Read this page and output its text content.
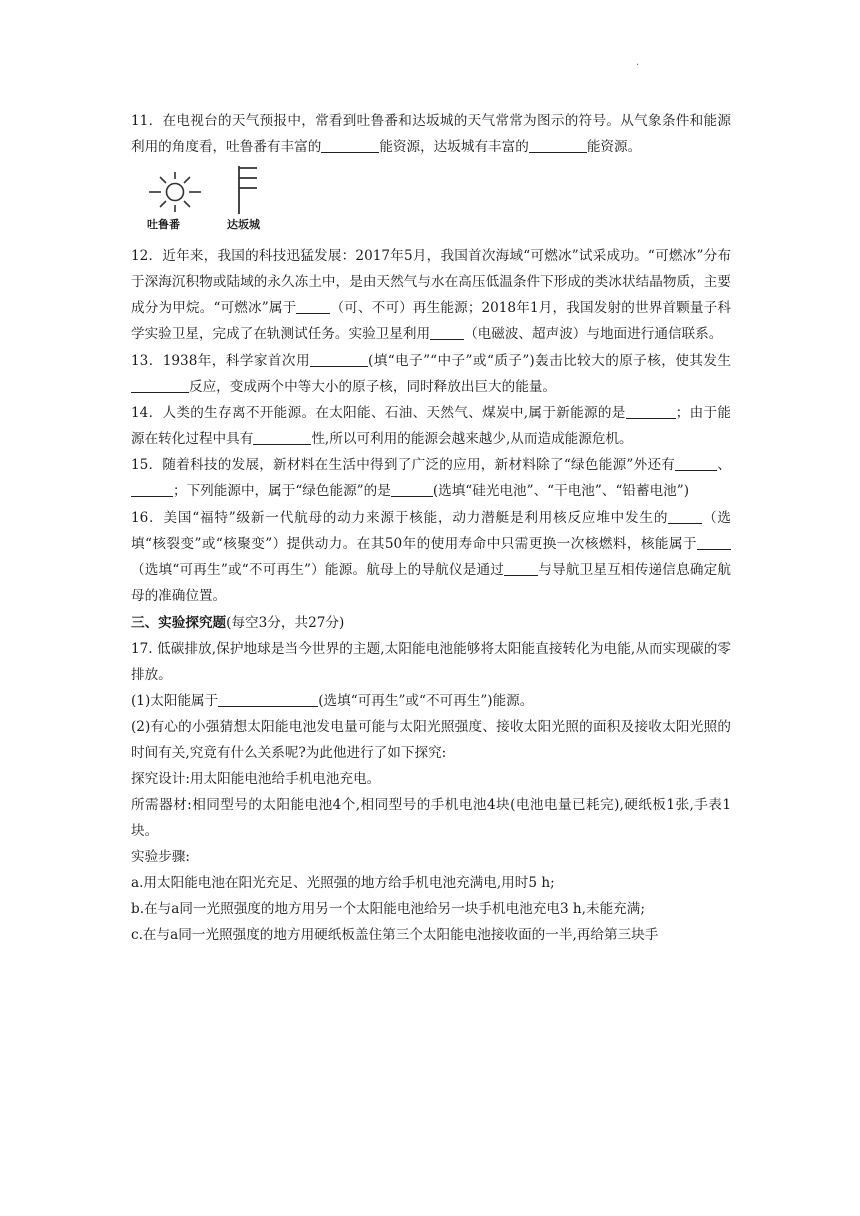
·

11．在电视台的天气预报中，常看到吐鲁番和达坂城的天气常常为图示的符号。从气象条件和能源利用的角度看，吐鲁番有丰富的	能资源，达坂城有丰富的	能资源。

吐鲁番	达坂城

12．近年来，我国的科技迅猛发展：2017年5月，我国首次海域“可燃冰”试采成功。“可燃冰”分布于深海沉积物或陆域的永久冻土中，是由天然气与水在高压低温条件下形成的类冰状结晶物质，主要成分为甲烷。“可燃冰”属于	（可、不可）再生能源；2018年1月，我国发射的世界首颗量子科学实验卫星，完成了在轨测试任务。实验卫星利用	（电磁波、超声波）与地面进行通信联系。

13．1938年，科学家首次用	(填“电子”“中子”或“质子”)轰击比较大的原子核，使其发生反应，变成两个中等大小的原子核，同时释放出巨大的能量。

14．人类的生存离不开能源。在太阳能、石油、天然气、煤炭中,属于新能源的是	；由于能源在转化过程中具有	性,所以可利用的能源会越来越少,从而造成能源危机。

15．随着科技的发展，新材料在生活中得到了广泛的应用，新材料除了“绿色能源”外还有	、；下列能源中，属于“绿色能源”的是	(选填“硅光电池”、“干电池”、“铅蓄电池”)

16．美国“福特”级新一代航母的动力来源于核能，动力潜艇是利用核反应堆中发生的	（选填“核裂变”或“核聚变”）提供动力。在其50年的使用寿命中只需更换一次核燃料，核能属于（选填“可再生”或“不可再生”）能源。航母上的导航仪是通过	与导航卫星互相传递信息确定航母的准确位置。

三、实验探究题(每空3分，共27分)

17. 低碳排放,保护地球是当今世界的主题,太阳能电池能够将太阳能直接转化为电能,从而实现碳的零排放。

(1)太阳能属于	(选填“可再生”或“不可再生”)能源。

(2)有心的小强猜想太阳能电池发电量可能与太阳光照强度、接收太阳光照的面积及接收太阳光照的时间有关,究竟有什么关系呢?为此他进行了如下探究:

探究设计:用太阳能电池给手机电池充电。

所需器材:相同型号的太阳能电池4个,相同型号的手机电池4块(电池电量已耗完),硬纸板1张,手表1块。

实验步骤:

a.用太阳能电池在阳光充足、光照强的地方给手机电池充满电,用时5 h;

b.在与a同一光照强度的地方用另一个太阳能电池给另一块手机电池充电3 h,未能充满;

c.在与a同一光照强度的地方用硬纸板盖住第三个太阳能电池接收面的一半,再给第三块手
